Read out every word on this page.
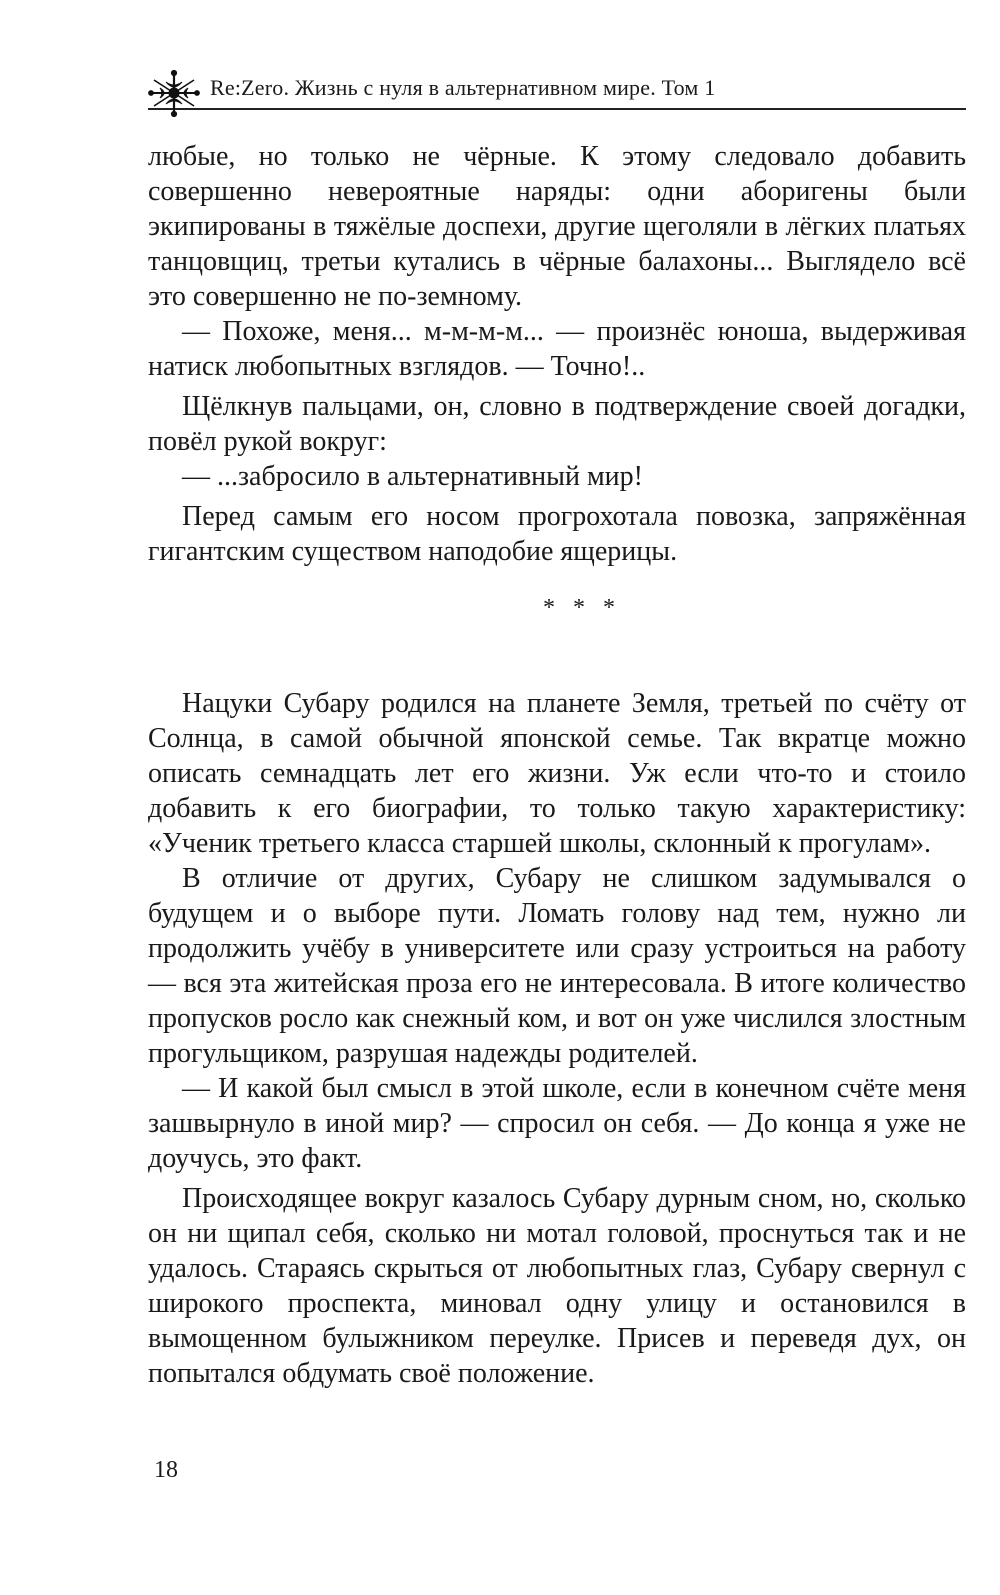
Re:Zero. Жизнь с нуля в альтернативном мире. Том 1

любые, но только не чёрные. К этому следовало добавить совершенно невероятные наряды: одни аборигены были экипированы в тяжёлые доспехи, другие щеголяли в лёгких платьях танцовщиц, третьи кутались в чёрные балахоны... Выглядело всё это совершенно не по-земному.

— Похоже, меня... м-м-м-м... — произнёс юноша, выдерживая натиск любопытных взглядов. — Точно!..

Щёлкнув пальцами, он, словно в подтверждение своей догадки, повёл рукой вокруг:

— ...забросило в альтернативный мир!

Перед самым его носом прогрохотала повозка, запряжённая гигантским существом наподобие ящерицы.

* * *

Нацуки Субару родился на планете Земля, третьей по счёту от Солнца, в самой обычной японской семье. Так вкратце можно описать семнадцать лет его жизни. Уж если что-то и стоило добавить к его биографии, то только такую характеристику: «Ученик третьего класса старшей школы, склонный к прогулам».

В отличие от других, Субару не слишком задумывался о будущем и о выборе пути. Ломать голову над тем, нужно ли продолжить учёбу в университете или сразу устроиться на работу — вся эта житейская проза его не интересовала. В итоге количество пропусков росло как снежный ком, и вот он уже числился злостным прогульщиком, разрушая надежды родителей.

— И какой был смысл в этой школе, если в конечном счёте меня зашвырнуло в иной мир? — спросил он себя. — До конца я уже не доучусь, это факт.

Происходящее вокруг казалось Субару дурным сном, но, сколько он ни щипал себя, сколько ни мотал головой, проснуться так и не удалось. Стараясь скрыться от любопытных глаз, Субару свернул с широкого проспекта, миновал одну улицу и остановился в вымощенном булыжником переулке. Присев и переведя дух, он попытался обдумать своё положение.

18
